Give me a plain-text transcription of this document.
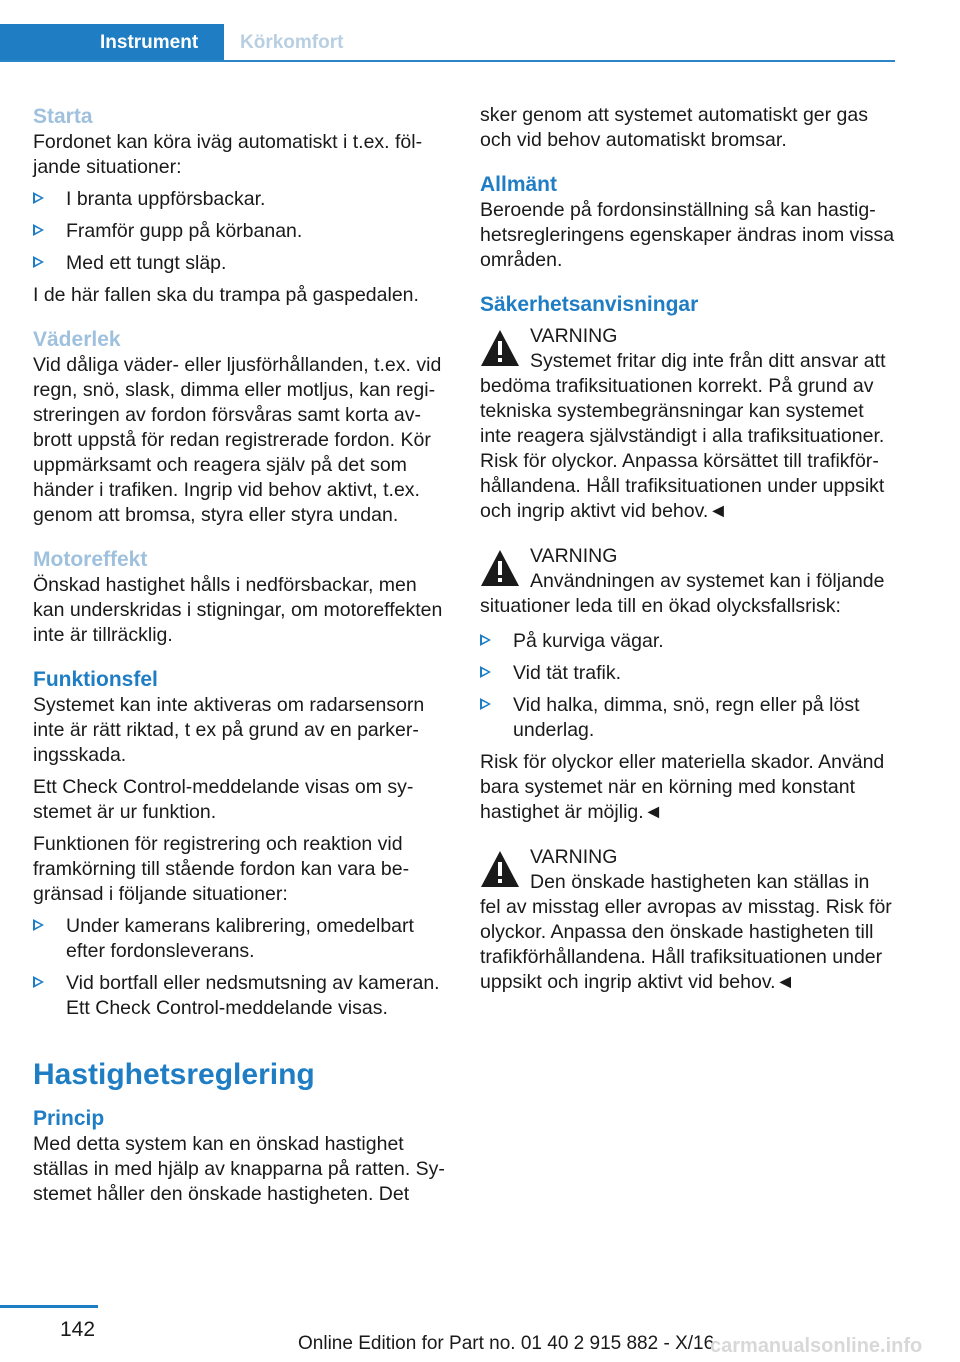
Instrument	Körkomfort
Starta

Fordonet kan köra iväg automatiskt i t.ex. följande situationer:

I branta uppförsbackar.
Framför gupp på körbanan.
Med ett tungt släp.

I de här fallen ska du trampa på gaspedalen.

Väderlek

Vid dåliga väder- eller ljusförhållanden, t.ex. vid regn, snö, slask, dimma eller motljus, kan registreringen av fordon försvåras samt korta avbrott uppstå för redan registrerade fordon. Kör uppmärksamt och reagera själv på det som händer i trafiken. Ingrip vid behov aktivt, t.ex. genom att bromsa, styra eller styra undan.

Motoreffekt

Önskad hastighet hålls i nedförsbackar, men kan underskridas i stigningar, om motoreffekten inte är tillräcklig.

Funktionsfel

Systemet kan inte aktiveras om radarsensorn inte är rätt riktad, t ex på grund av en parkeringsskada.

Ett Check Control-meddelande visas om systemet är ur funktion.

Funktionen för registrering och reaktion vid framkörning till stående fordon kan vara begränsad i följande situationer:

Under kamerans kalibrering, omedelbart efter fordonsleverans.
Vid bortfall eller nedsmutsning av kameran. Ett Check Control-meddelande visas.
Hastighetsreglering
Princip

Med detta system kan en önskad hastighet ställas in med hjälp av knapparna på ratten. Systemet håller den önskade hastigheten. Det

sker genom att systemet automatiskt ger gas och vid behov automatiskt bromsar.

Allmänt

Beroende på fordonsinställning så kan hastighetsregleringens egenskaper ändras inom vissa områden.

Säkerhetsanvisningar
VARNING
Systemet fritar dig inte från ditt ansvar att bedöma trafiksituationen korrekt. På grund av tekniska systembegränsningar kan systemet inte reagera självständigt i alla trafiksituationer. Risk för olyckor. Anpassa körsättet till trafikförhållandena. Håll trafiksituationen under uppsikt och ingrip aktivt vid behov.◄
VARNING
Användningen av systemet kan i följande situationer leda till en ökad olycksfallsrisk:
På kurviga vägar.
Vid tät trafik.
Vid halka, dimma, snö, regn eller på löst underlag.

Risk för olyckor eller materiella skador. Använd bara systemet när en körning med konstant hastighet är möjlig.◄

VARNING
Den önskade hastigheten kan ställas in fel av misstag eller avropas av misstag. Risk för olyckor. Anpassa den önskade hastigheten till trafikförhållandena. Håll trafiksituationen under uppsikt och ingrip aktivt vid behov.◄
142
Online Edition for Part no. 01 40 2 915 882 - X/16
carmanualsonline.info
